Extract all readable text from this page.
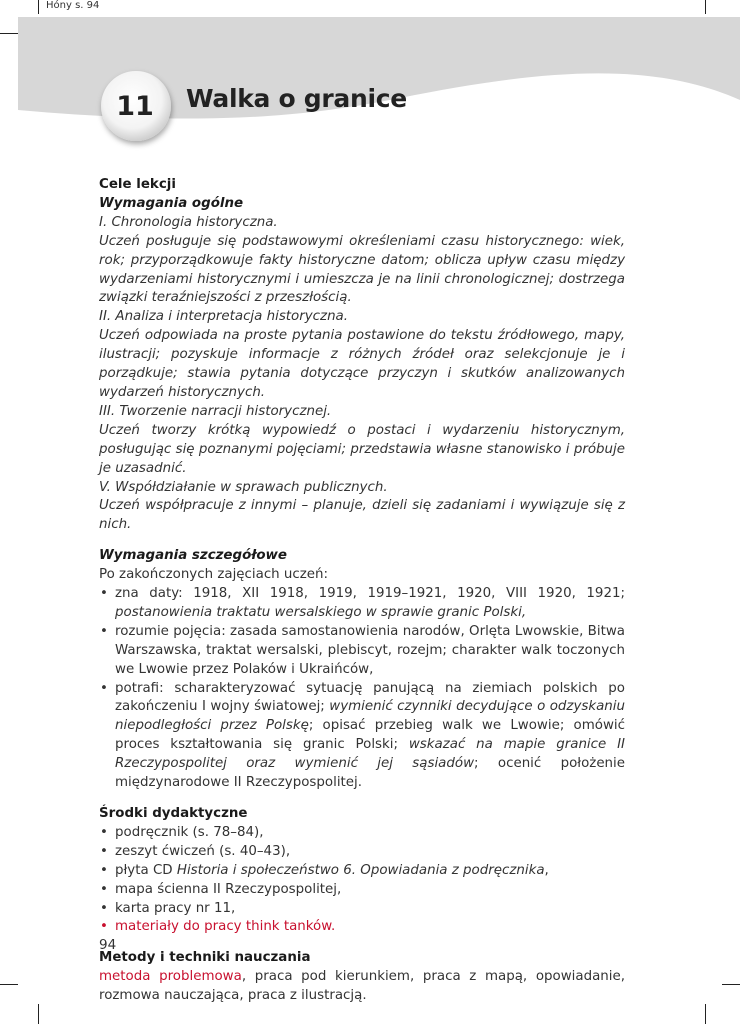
Hóny s. 94
11	Walka o granice
Cele lekcji
Wymagania ogólne
I. Chronologia historyczna.
Uczeń posługuje się podstawowymi określeniami czasu historycznego: wiek, rok; przyporządkowuje fakty historyczne datom; oblicza upływ czasu między wydarzeniami historycznymi i umieszcza je na linii chronologicznej; dostrzega związki teraźniejszości z przeszłością.
II. Analiza i interpretacja historyczna.
Uczeń odpowiada na proste pytania postawione do tekstu źródłowego, mapy, ilustracji; pozyskuje informacje z różnych źródeł oraz selekcjonuje je i porządkuje; stawia pytania dotyczące przyczyn i skutków analizowanych wydarzeń historycznych.
III. Tworzenie narracji historycznej.
Uczeń tworzy krótką wypowiedź o postaci i wydarzeniu historycznym, posługując się poznanymi pojęciami; przedstawia własne stanowisko i próbuje je uzasadnić.
V. Współdziałanie w sprawach publicznych.
Uczeń współpracuje z innymi – planuje, dzieli się zadaniami i wywiązuje się z nich.
Wymagania szczegółowe
Po zakończonych zajęciach uczeń:
• zna daty: 1918, XII 1918, 1919, 1919–1921, 1920, VIII 1920, 1921; postanowienia traktatu wersalskiego w sprawie granic Polski,
• rozumie pojęcia: zasada samostanowienia narodów, Orlęta Lwowskie, Bitwa Warszawska, traktat wersalski, plebiscyt, rozejm; charakter walk toczonych we Lwowie przez Polaków i Ukraińców,
• potrafi: scharakteryzować sytuację panującą na ziemiach polskich po zakończeniu I wojny światowej; wymienić czynniki decydujące o odzyskaniu niepodległości przez Polskę; opisać przebieg walk we Lwowie; omówić proces kształtowania się granic Polski; wskazać na mapie granice II Rzeczypospolitej oraz wymienić jej sąsiadów; ocenić położenie międzynarodowe II Rzeczypospolitej.
Środki dydaktyczne
• podręcznik (s. 78–84),
• zeszyt ćwiczeń (s. 40–43),
• płyta CD Historia i społeczeństwo 6. Opowiadania z podręcznika,
• mapa ścienna II Rzeczypospolitej,
• karta pracy nr 11,
• materiały do pracy think tanków.
Metody i techniki nauczania
metoda problemowa, praca pod kierunkiem, praca z mapą, opowiadanie, rozmowa nauczająca, praca z ilustracją.
94
